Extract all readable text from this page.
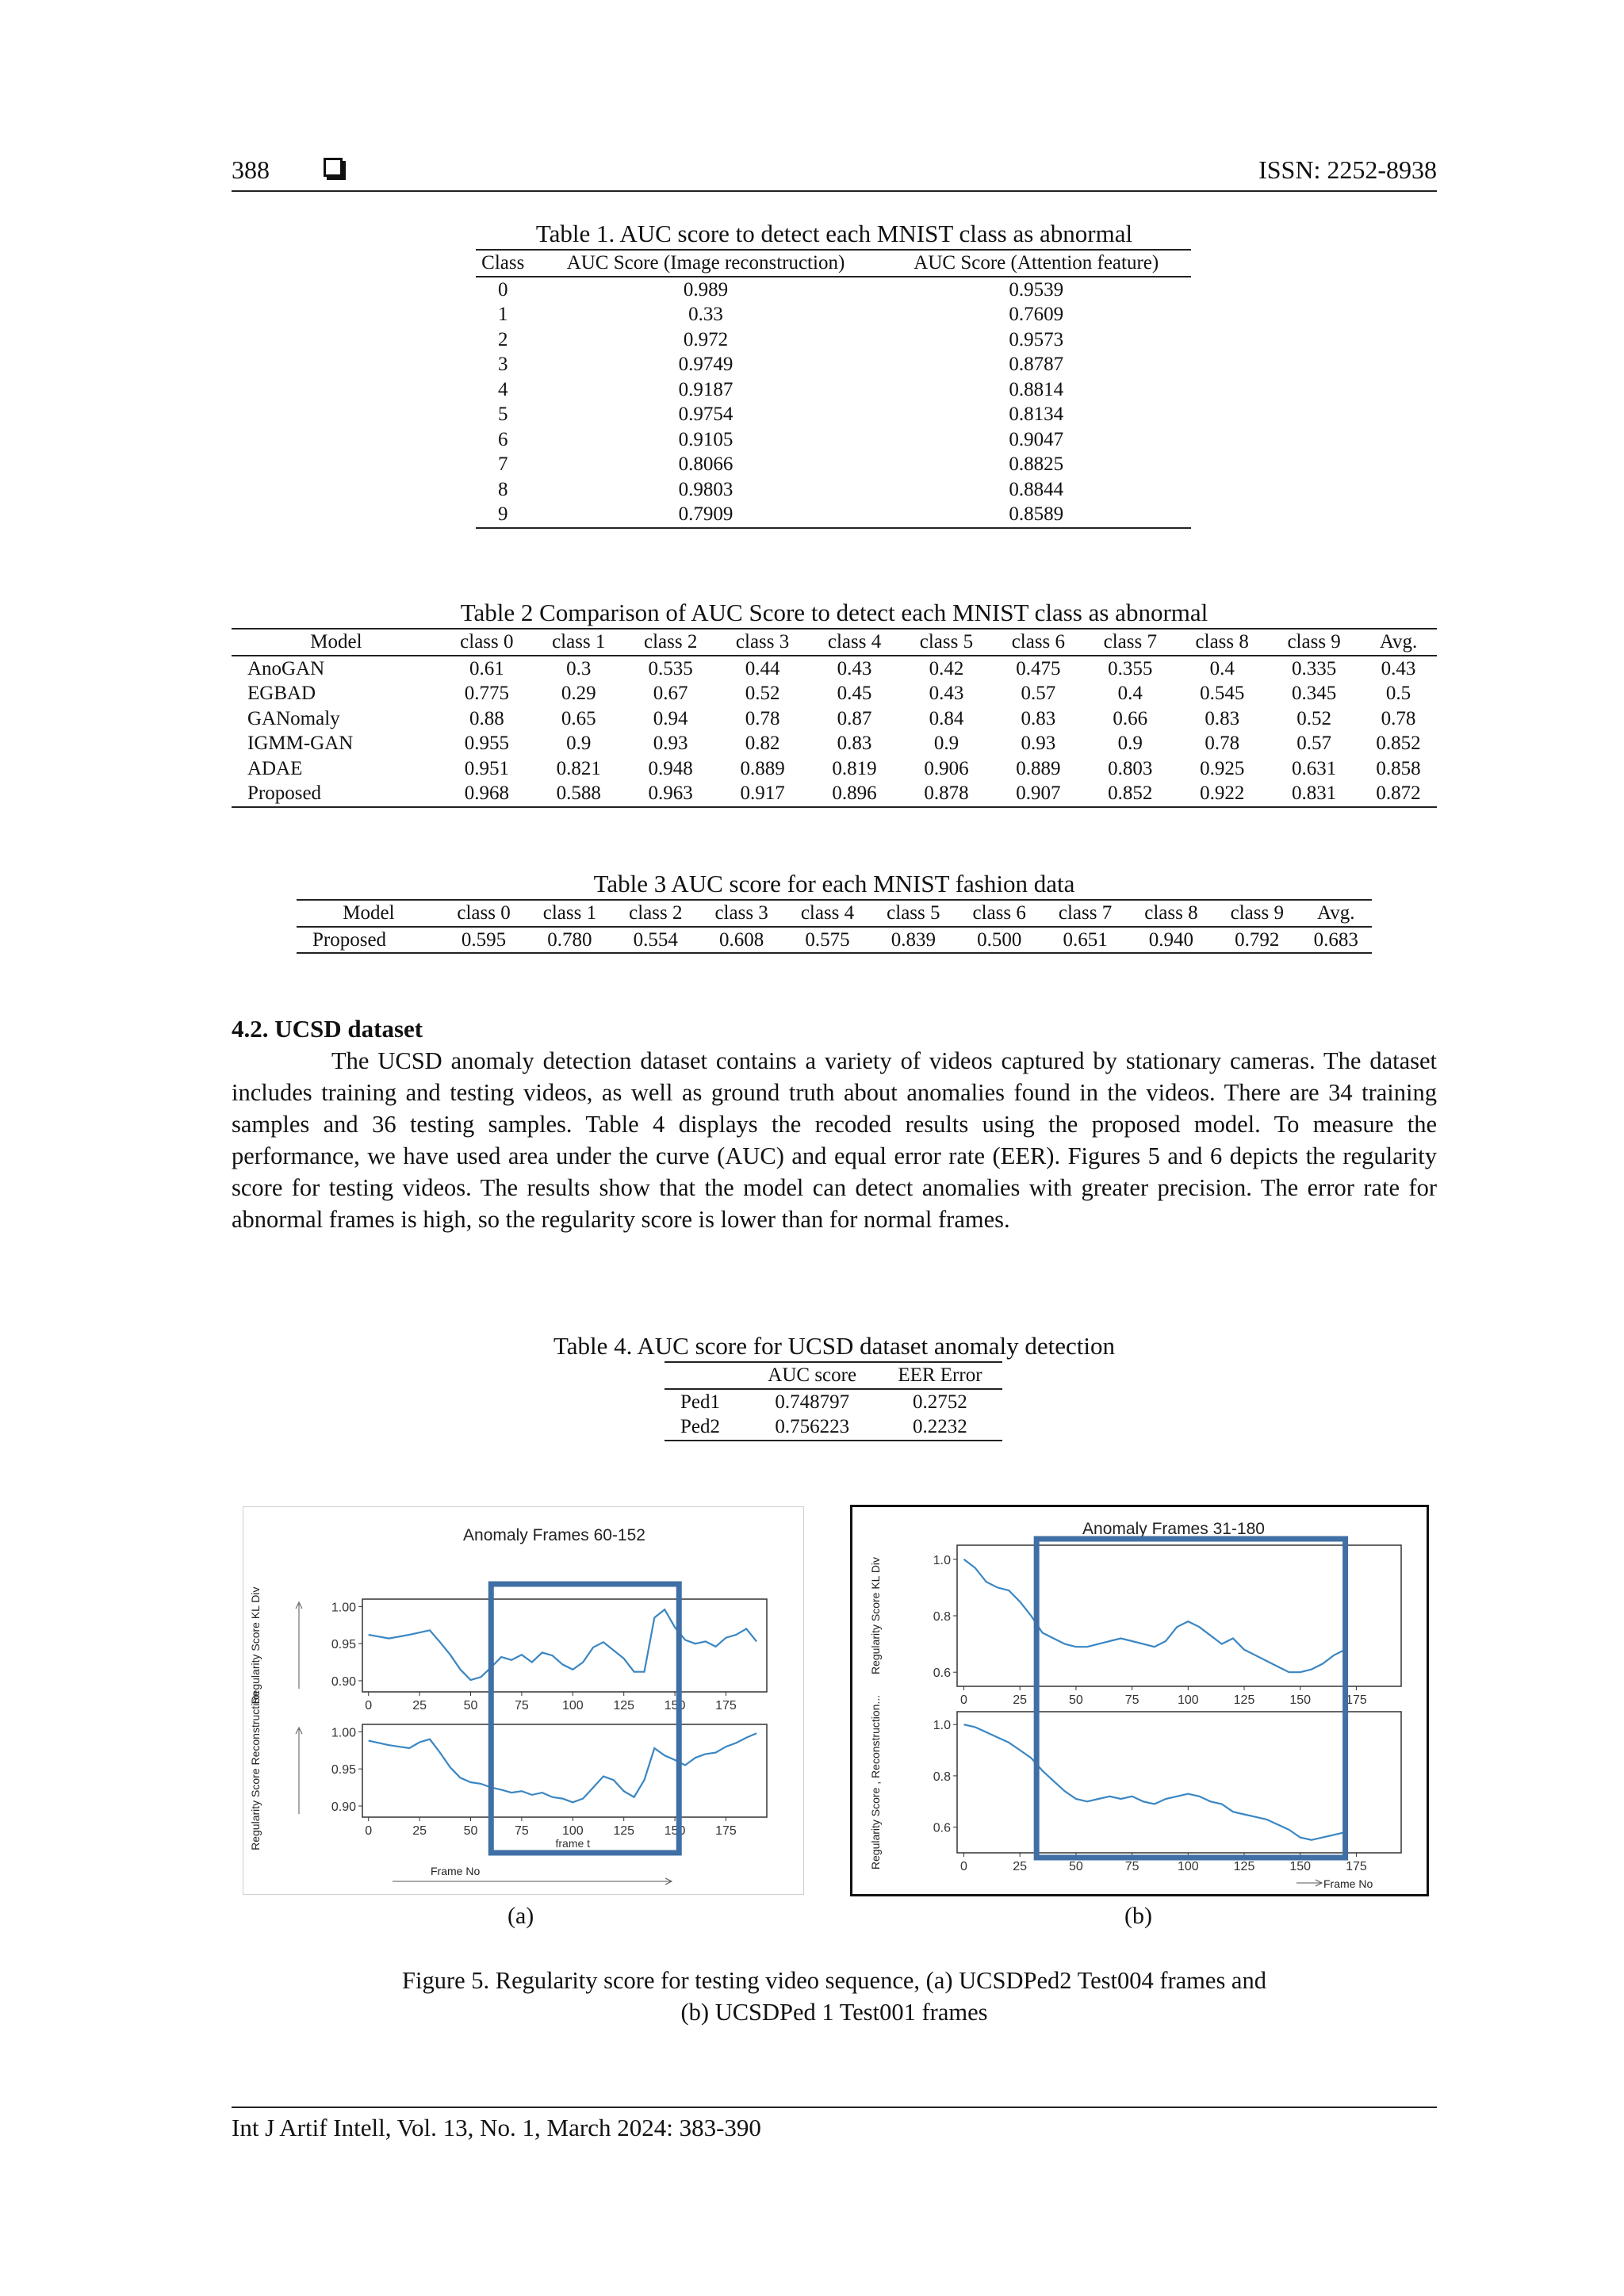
388	ISSN: 2252-8938
Table 1. AUC score to detect each MNIST class as abnormal
Class	AUC Score (Image reconstruction)	AUC Score (Attention feature)
0	0.989	0.9539
1	0.33	0.7609
2	0.972	0.9573
3	0.9749	0.8787
4	0.9187	0.8814
5	0.9754	0.8134
6	0.9105	0.9047
7	0.8066	0.8825
8	0.9803	0.8844
9	0.7909	0.8589
Table 2 Comparison of AUC Score to detect each MNIST class as abnormal
Model	class 0	class 1	class 2	class 3	class 4	class 5	class 6	class 7	class 8	class 9	Avg.
AnoGAN	0.61	0.3	0.535	0.44	0.43	0.42	0.475	0.355	0.4	0.335	0.43
EGBAD	0.775	0.29	0.67	0.52	0.45	0.43	0.57	0.4	0.545	0.345	0.5
GANomaly	0.88	0.65	0.94	0.78	0.87	0.84	0.83	0.66	0.83	0.52	0.78
IGMM-GAN	0.955	0.9	0.93	0.82	0.83	0.9	0.93	0.9	0.78	0.57	0.852
ADAE	0.951	0.821	0.948	0.889	0.819	0.906	0.889	0.803	0.925	0.631	0.858
Proposed	0.968	0.588	0.963	0.917	0.896	0.878	0.907	0.852	0.922	0.831	0.872
Table 3 AUC score for each MNIST fashion data
Model	class 0	class 1	class 2	class 3	class 4	class 5	class 6	class 7	class 8	class 9	Avg.
Proposed	0.595	0.780	0.554	0.608	0.575	0.839	0.500	0.651	0.940	0.792	0.683
4.2. UCSD dataset
The UCSD anomaly detection dataset contains a variety of videos captured by stationary cameras. The dataset includes training and testing videos, as well as ground truth about anomalies found in the videos. There are 34 training samples and 36 testing samples. Table 4 displays the recoded results using the proposed model. To measure the performance, we have used area under the curve (AUC) and equal error rate (EER). Figures 5 and 6 depicts the regularity score for testing videos. The results show that the model can detect anomalies with greater precision. The error rate for abnormal frames is high, so the regularity score is lower than for normal frames.
Table 4. AUC score for UCSD dataset anomaly detection
	AUC score	EER Error
Ped1	0.748797	0.2752
Ped2	0.756223	0.2232
Anomaly Frames 60-152
1.00
0.95
0.90
0	25	50	75	100 125 150 175
Regularity Score KL Div
1.00
0.95
0.90
0	25	50	75	100 125 150 175
Regularity Score Reconstruction	frame t
Frame No
(a)
Anomaly Frames 31-180
1.0
0.8
0.6
0	25	50	75	100	125	150	175
Regularity Score KL Div
1.0
0.8
0.6
0	25	50	75	100	125	150	175
Regularity Score , Reconstruction...
Frame No
(b)
Figure 5. Regularity score for testing video sequence, (a) UCSDPed2 Test004 frames and
(b) UCSDPed 1 Test001 frames
Int J Artif Intell, Vol. 13, No. 1, March 2024: 383-390
